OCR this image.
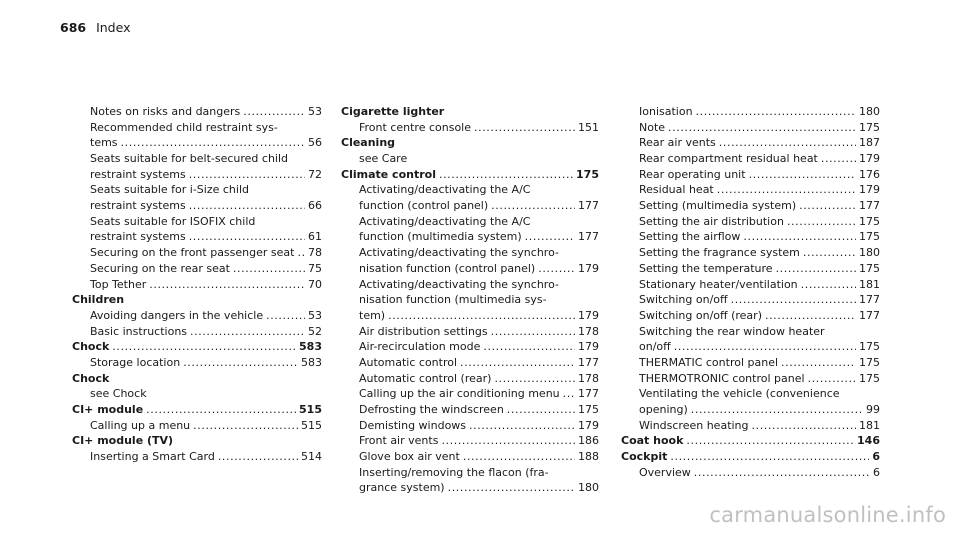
686 Index
Notes on risks and dangers .....	53
Recommended child restraint sys-
tems .....	56
Seats suitable for belt-secured child
restraint systems .....	72
Seats suitable for i-Size child
restraint systems .....	66
Seats suitable for ISOFIX child
restraint systems .....	61
Securing on the front passenger seat ..... 78
Securing on the rear seat .....	75
Top Tether .....	70
Children
Avoiding dangers in the vehicle .....	53
Basic instructions .....	52
Chock .....	583
Storage location .....	583
Chock
see Chock
CI+ module .....	515
Calling up a menu .....	515
CI+ module (TV)
Inserting a Smart Card .....	514
Cigarette lighter
Front centre console .....	151
Cleaning
see Care
Climate control .....	175
Activating/deactivating the A/C
function (control panel) .....	177
Activating/deactivating the A/C
function (multimedia system) .....	177
Activating/deactivating the synchro-
nisation function (control panel) .....	179
Activating/deactivating the synchro-
nisation function (multimedia sys-
tem) .....	179
Air distribution settings .....	178
Air-recirculation mode .....	179
Automatic control .....	177
Automatic control (rear) .....	178
Calling up the air conditioning menu ..... 177
Defrosting the windscreen .....	175
Demisting windows .....	179
Front air vents .....	186
Glove box air vent .....	188
Inserting/removing the flacon (fra-
grance system) .....	180
Ionisation .....	180
Note .....	175
Rear air vents .....	187
Rear compartment residual heat .....	179
Rear operating unit .....	176
Residual heat .....	179
Setting (multimedia system) .....	177
Setting the air distribution .....	175
Setting the airflow .....	175
Setting the fragrance system .....	180
Setting the temperature .....	175
Stationary heater/ventilation .....	181
Switching on/off .....	177
Switching on/off (rear) .....	177
Switching the rear window heater
on/off .....	175
THERMATIC control panel .....	175
THERMOTRONIC control panel .....	175
Ventilating the vehicle (convenience
opening) .....	99
Windscreen heating .....	181
Coat hook .....	146
Cockpit .....	6
Overview .....	6
carmanualsonline.info
